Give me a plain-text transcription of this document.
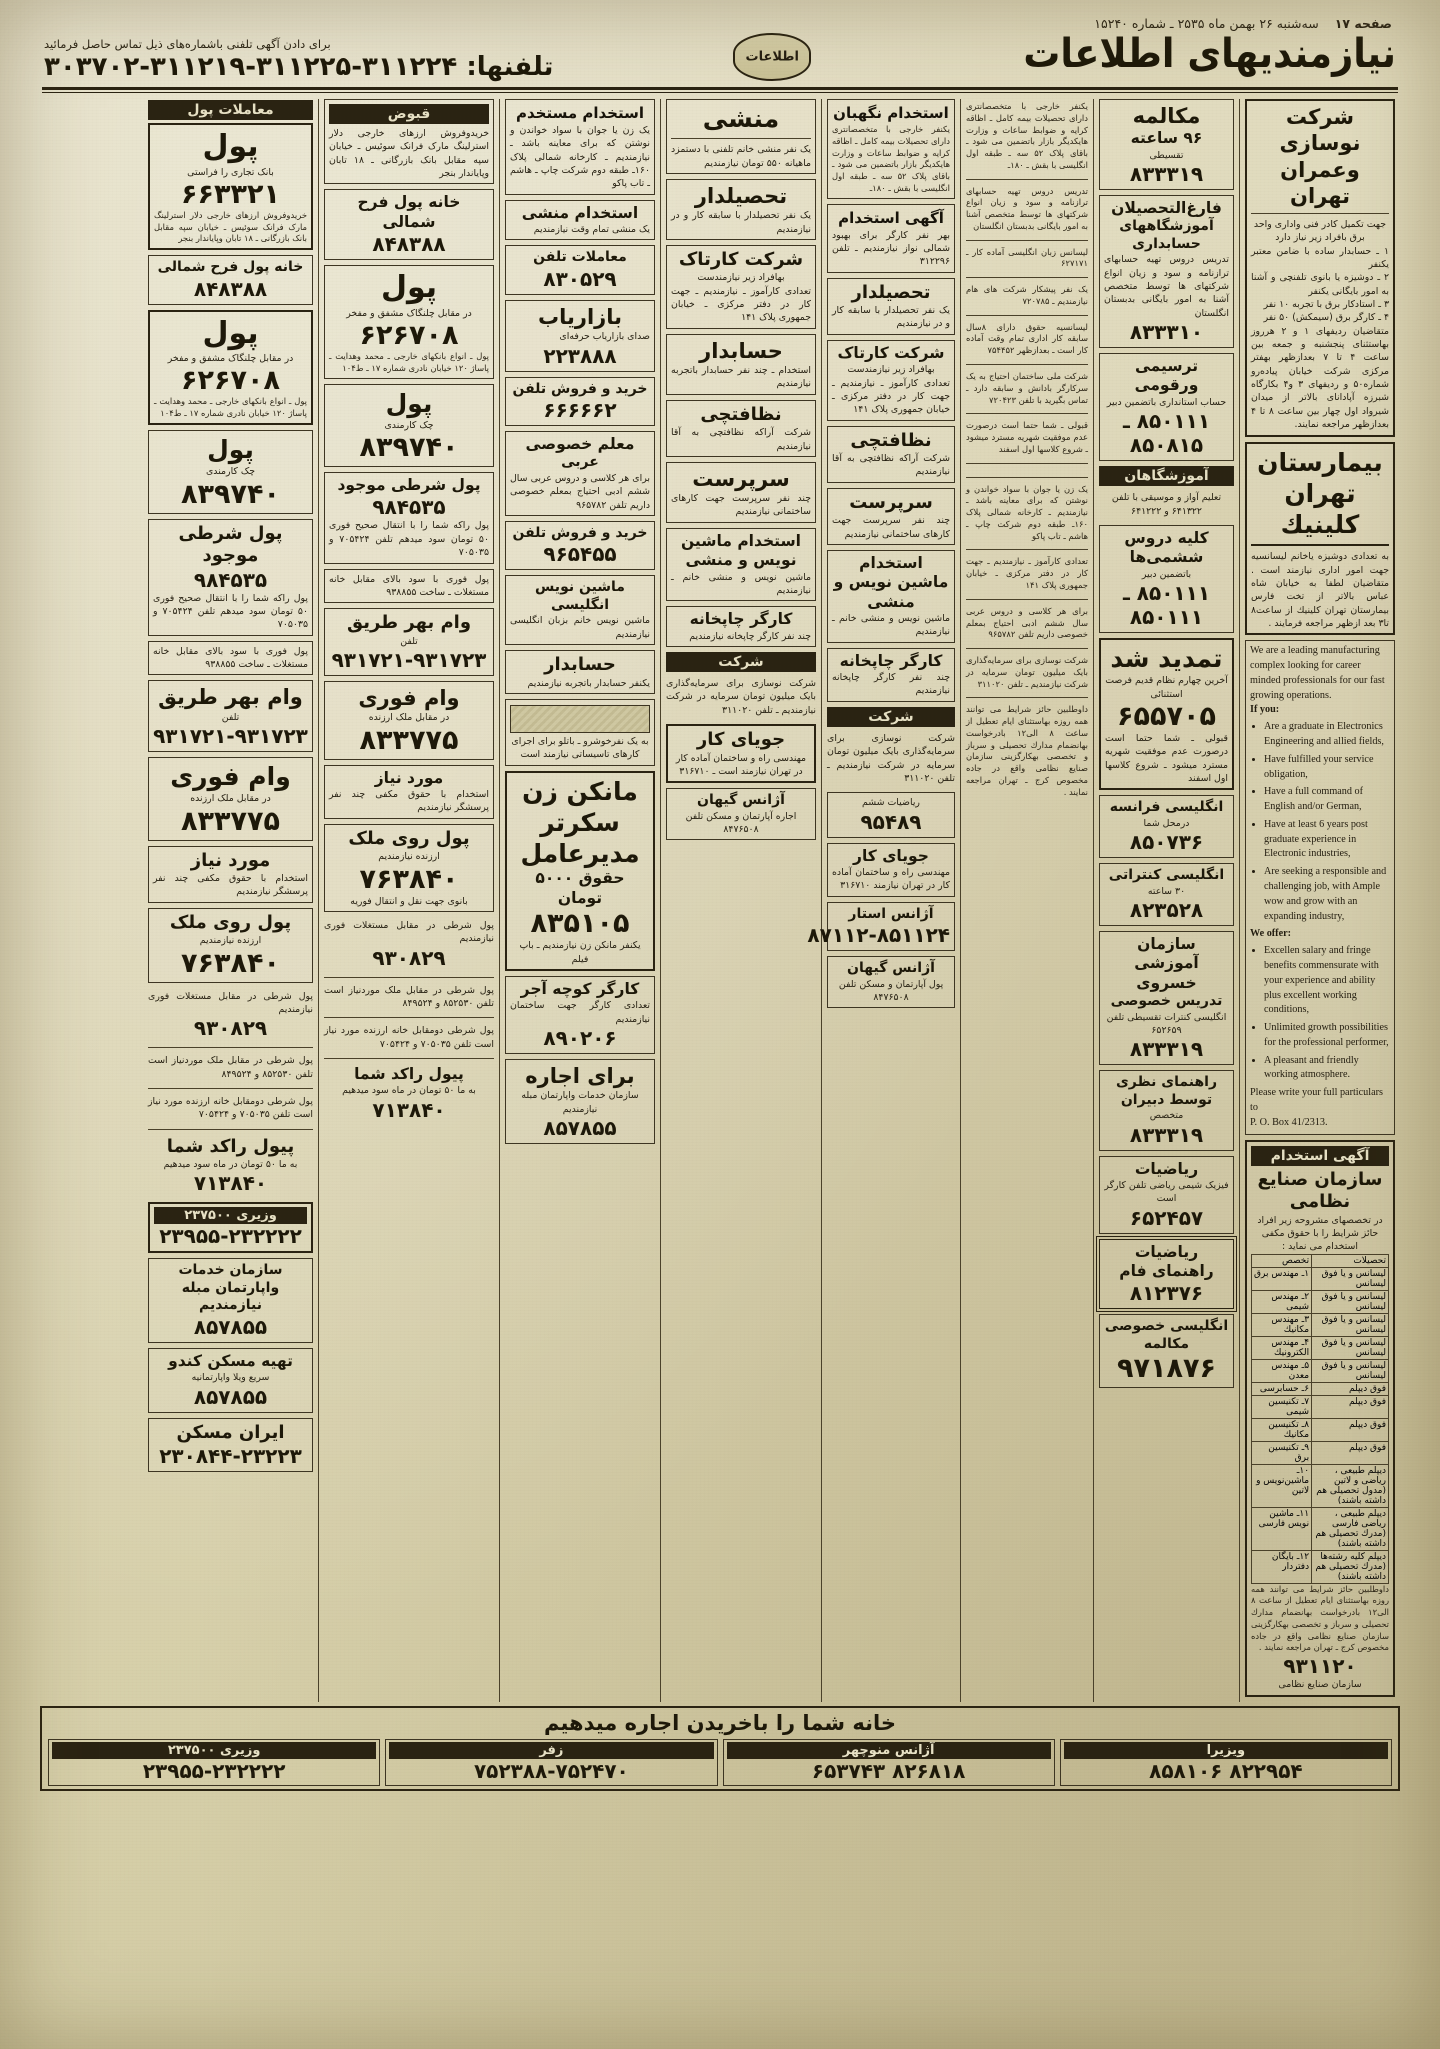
صفحه ۱۷
سه‌شنبه ۲۶ بهمن ماه ۲۵۳۵ ـ شماره ۱۵۲۴۰
نیازمندیهای اطلاعات
اطلاعات
برای دادن آگهی تلفنی باشماره‌های ذیل تماس حاصل فرمائید
تلفنها: ۳۱۱۲۲۴-۳۱۱۲۲۵-۳۱۱۲۱۹-۳۰۳۷۰۲
شرکت نوسازی وعمران تهران
جهت تکمیل کادر فنی واداری واحد برق بافراد زیر نیاز دارد
۱ ـ حسابدار ساده با ضامن معتبر یکنفر
۲ ـ دوشیزه یا بانوی تلفنچی و آشنا به امور بایگانی یکنفر
۳ ـ استادکار برق با تجربه ۱۰ نفر
۴ ـ کارگر برق (سیمکش) ۵۰ نفر
متقاضیان ردیفهای ۱ و ۲ هرروز بهاستثنای پنجشنبه و جمعه بین ساعت ۴ تا ۷ بعدازظهر بهفتر مرکزی شرکت خیابان پیاده‌رو شماره۵۰ و ردیفهای ۳ و۴ بکارگاه شبرزه آپادانای بالاتر از میدان شیرواد اول چهار بین ساعت ۸ تا ۴ بعدازظهر مراجعه نمایند.
بیمارستان تهران کلینیك
به تعدادی دوشیزه یاخانم لیسانسیه جهت امور اداری نیازمند است . متقاضیان لطفا به خیابان شاه عباس بالاتر از تخت فارس بیمارستان تهران کلینیك از ساعت۸ تا۳ بعد ازظهر مراجعه فرمایند .
We are a leading manufacturing complex looking for career minded professionals for our fast growing operations.
If you:
• Are a graduate in Electronics Engineering and allied fields,
• Have fulfilled your service obligation,
• Have a full command of English and/or German,
• Have at least 6 years post graduate experience in Electronic industries,
• Are seeking a responsible and challenging job, with Ample wow and grow with an expanding industry,
We offer:
• Excellen salary and fringe benefits commensurate with your experience and ability plus excellent working conditions,
• Unlimited growth possibilities for the professional performer,
• A pleasant and friendly working atmosphere.
Please write your full particulars to
P. O. Box 41/2313.
آگهی استخدام
سازمان صنایع نظامی
در تخصصهای مشروحه زیر افراد حائز شرایط را با حقوق مکفی استخدام می نماید :
تحصیلات	تخصص
لیسانس و یا فوق لیسانس	۱ـ مهندس برق
لیسانس و یا فوق لیسانس	۲ـ مهندس شیمی
لیسانس و یا فوق لیسانس	۳ـ مهندس مکانیك
لیسانس و یا فوق لیسانس	۴ـ مهندس الکترونیك
لیسانس و یا فوق لیسانس	۵ـ مهندس معدن
فوق دیپلم	۶ـ حسابرسی
فوق دیپلم	۷ـ تکنیسین شیمی
فوق دیپلم	۸ـ تکنیسین مکانیك
فوق دیپلم	۹ـ تکنیسین برق
دیپلم طبیعی ، ریاضی و لاتین (مدول تحصیلی هم داشته باشند)	۱۰ـ ماشین‌نویس و لاتین
دیپلم طبیعی ، ریاضی فارسی (مدرك تحصیلی هم داشته باشند)	۱۱ـ ماشین نویس فارسی
دیپلم کلیه رشته‌ها (مدرك تحصیلی هم داشته باشند)	۱۲ـ بایگان دفتردار
داوطلبین حائز شرایط می توانند همه روزه بهاستثنای ایام تعطیل از ساعت ۸ الی۱۲ بادرخواست بهانضمام مدارك تحصیلی و سرباز و تخصصی بهکارگزینی سازمان صنایع نظامی واقع در جاده مخصوص کرج ـ تهران مراجعه نمایند .
۹۳۱۱۲۰
سازمان صنایع نظامی
مکالمه
۹۶ ساعته
تقسیطی
۸۳۳۳۱۹
فارغ‌التحصیلان
آموزشگاههای حسابداری
تدریس دروس تهیه حسابهای ترازنامه و سود و زیان انواع شرکتهای ها توسط متخصص آشنا به امور بایگانی بدبستان انگلستان
۸۳۳۳۱۰
ترسیمی ورقومی
حساب استانداری باتضمین دبیر
۸۵۰۱۱۱ ـ ۸۵۰۸۱۵
آموزشگاهان
تعلیم آواز و موسیقی با تلفن ۶۴۱۳۲۲ و ۶۴۱۲۲۲
کلیه دروس ششمی‌ها
باتضمین دبیر
۸۵۰۱۱۱ ـ ۸۵۰۱۱۱
تمدید شد
آخرین چهارم نظام قدیم فرصت استثنائی
۶۵۵۷۰۵
قبولی ـ شما حتما است درصورت عدم موفقیت شهریه مسترد میشود ـ شروع کلاسها اول اسفند
انگلیسی فرانسه
درمحل شما
۸۵۰۷۳۶
انگلیسی کنتراتی
۳۰ ساعته
۸۲۳۵۲۸
سازمان آموزشی خسروی
تدریس خصوصی
انگلیسی کنترات تقسیطی تلفن ۶۵۲۶۵۹
۸۳۳۳۱۹
راهنمای نظری توسط دبیران
متخصص
۸۳۳۳۱۹
ریاضیات
فیزیک شیمی ریاضی تلفن کارگر است
۶۵۲۴۵۷
ریاضیات راهنمای فام
۸۱۲۳۷۶
انگلیسی خصوصی مکالمه
۹۷۱۸۷۶
یکنفر خارجی با متخصصانتری دارای تحصیلات بیمه کامل ـ اظاقه کرایه و ضوابط ساعات و وزارت هایکدیگر بازار باتضمین می شود ـ باقای پلاک ۵۲ سه ـ طبقه اول انگلیسی با بقش ـ ۱۸۰ـ
تدریس دروس تهیه حسابهای ترازنامه و سود و زیان انواع شرکتهای ها توسط متخصص آشنا به امور بایگانی بدبستان انگلستان
لیسانس زبان انگلیسی آماده کار ـ ۶۲۷۱۷۱
یک نفر پیشکار شرکت های هام نیازمندیم ـ ۷۲۰۷۸۵
لیسانسیه حقوق دارای ۸سال سابقه کار اداری تمام وقت آماده کار است ـ بعدازظهر ۷۵۴۴۵۲
شرکت ملی ساختمان احتیاج به یک سرکارگر بادانش و سابقه دارد ـ تماس بگیرید با تلفن ۷۲۰۴۲۳
قبولی ـ شما حتما است درصورت عدم موفقیت شهریه مسترد میشود ـ شروع کلاسها اول اسفند
یک زن یا جوان با سواد خواندن و نوشتن که برای معاینه باشد ـ نیازمندیم ـ کارخانه شمالی پلاک ۱۶۰ـ طبقه دوم شرکت چاپ ـ هاشم ـ تاب پاکو
تعدادی کارآموز ـ نیازمندیم ـ جهت کار در دفتر مرکزی ـ خیابان جمهوری پلاک ۱۴۱
برای هر کلاسی و دروس عربی سال ششم ادبی احتیاج بمعلم خصوصی داریم تلفن ۹۶۵۷۸۲
شرکت نوسازی برای سرمایه‌گذاری بایک میلیون تومان سرمایه در شرکت نیازمندیم ـ تلفن ۳۱۱۰۲۰
داوطلبین حائز شرایط می توانند همه روزه بهاستثنای ایام تعطیل از ساعت ۸ الی۱۲ بادرخواست بهانضمام مدارك تحصیلی و سرباز و تخصصی بهکارگزینی سازمان صنایع نظامی واقع در جاده مخصوص کرج ـ تهران مراجعه نمایند .
استخدام نگهبان
یکنفر خارجی با متخصصانتری دارای تحصیلات بیمه کامل ـ اظاقه کرایه و ضوابط ساعات و وزارت هایکدیگر بازار باتضمین می شود ـ باقای پلاک ۵۲ سه ـ طبقه اول انگلیسی با بقش ـ ۱۸۰ـ
آگهی استخدام
بهر نفر کارگر برای بهبود شمالی نواز نیازمندیم ـ تلفن ۳۱۲۲۹۶
تحصیلدار
یک نفر تحصیلدار با سابقه کار و در نیازمندیم
شرکت کارتاک
بهافراد زیر نیازمندست
تعدادی کارآموز ـ نیازمندیم ـ جهت کار در دفتر مرکزی ـ خیابان جمهوری پلاک ۱۴۱
نظافتچی
شرکت آراکه نظافتچی به آقا نیازمندیم
سرپرست
چند نفر سرپرست جهت کارهای ساختمانی نیازمندیم
استخدام ماشین نویس و منشی
ماشین نویس و منشی خانم ـ نیازمندیم
کارگر چاپخانه
چند نفر کارگر چاپخانه نیازمندیم
شرکت
شرکت نوسازی برای سرمایه‌گذاری بایک میلیون تومان سرمایه در شرکت نیازمندیم ـ تلفن ۳۱۱۰۲۰
ریاضیات ششم
۹۵۴۸۹
جویای کار
مهندسی راه و ساختمان آماده کار در تهران نیازمند ۳۱۶۷۱۰
آژانس استار
۸۷۱۱۲-۸۵۱۱۲۴
آژانس گیهان
پول آپارتمان و مسکن تلفن ۸۴۷۶۵۰۸
منشی
یک نفر منشی خانم تلفنی با دستمزد ماهیانه ۵۵۰ تومان نیازمندیم
تحصیلدار
یک نفر تحصیلدار با سابقه کار و در نیازمندیم
شرکت کارتاک
بهافراد زیر نیازمندست
تعدادی کارآموز ـ نیازمندیم ـ جهت کار در دفتر مرکزی ـ خیابان جمهوری پلاک ۱۴۱
حسابدار
استخدام ـ چند نفر حسابدار باتجربه نیازمندیم
نظافتچی
شرکت آراکه نظافتچی به آقا نیازمندیم
سرپرست
چند نفر سرپرست جهت کارهای ساختمانی نیازمندیم
استخدام ماشین نویس و منشی
ماشین نویس و منشی خانم ـ نیازمندیم
کارگر چاپخانه
چند نفر کارگر چاپخانه نیازمندیم
شرکت
شرکت نوسازی برای سرمایه‌گذاری بایک میلیون تومان سرمایه در شرکت نیازمندیم ـ تلفن ۳۱۱۰۲۰
جویای کار
مهندسی راه و ساختمان آماده کار در تهران نیازمند است ـ ۳۱۶۷۱۰
آژانس گیهان
اجاره آپارتمان و مسکن تلفن ۸۴۷۶۵۰۸
استخدام مستخدم
یک زن یا جوان با سواد خواندن و نوشتن که برای معاینه باشد ـ نیازمندیم ـ کارخانه شمالی پلاک ۱۶۰ـ طبقه دوم شرکت چاپ ـ هاشم ـ تاب پاکو
استخدام منشی
یک منشی تمام وقت نیازمندیم
معاملات تلفن
۸۳۰۵۲۹
بازاریاب
صدای بازاریاب حرفه‌ای
۲۲۳۸۸۸
خرید و فروش تلفن
۶۶۶۶۶۲
معلم خصوصی
عربی
برای هر کلاسی و دروس عربی سال ششم ادبی احتیاج بمعلم خصوصی داریم تلفن ۹۶۵۷۸۲
خرید و فروش تلفن
۹۶۵۴۵۵
ماشین نویس انگلیسی
ماشین نویس خانم بزبان انگلیسی نیازمندیم
حسابدار
یکنفر حسابدار باتجربه نیازمندیم
به یک نفرخوشرو ـ باتلو برای اجرای کارهای تاسیساتی نیازمند است
مانکن زن سکرتر مدیرعامل
حقوق ۵۰۰۰ تومان
۸۳۵۱۰۵
یکنفر مانکن زن نیازمندیم ـ باپ فیلم
کارگر کوچه آجر
تعدادی کارگر جهت ساختمان نیازمندیم
۸۹۰۲۰۶
برای اجاره
سازمان خدمات واپارتمان مبله نیازمندیم
۸۵۷۸۵۵
قبوض
خریدوفروش ارزهای خارجی دلار استرلینگ مارک فرانک سوئیس ـ خیابان سپه مقابل بانک بازرگانی ـ ۱۸ تابان وپایاندار بنجر
خانه پول فرح شمالی
۸۴۸۳۸۸
پول
در مقابل چلنگاک مشفق و مفخر
۶۲۶۷۰۸
پول ـ انواع بانکهای خارجی ـ محمد وهدایت ـ پاساژ ۱۲۰ خیابان نادری شماره ۱۷ ـ ط۱۰۴
پول
چک کارمندی
۸۳۹۷۴۰
پول شرطی موجود
۹۸۴۵۳۵
پول راکه شما را با انتقال صحیح فوری ۵۰ تومان سود میدهم تلفن ۷۰۵۴۲۴ و ۷۰۵۰۳۵
پول فوری با سود بالای مقابل خانه مستغلات ـ ساخت ۹۳۸۸۵۵
وام بهر طریق
تلفن
۹۳۱۷۲۱-۹۳۱۷۲۳
وام فوری
در مقابل ملک ارزنده
۸۳۳۷۷۵
مورد نیاز
استخدام با حقوق مکفی چند نفر پرسشگر نیازمندیم
پول روی ملک
ارزنده نیازمندیم
۷۶۳۸۴۰
بانوی جهت نقل و انتقال فوریه
پول شرطی در مقابل مستغلات فوری نیازمندیم
۹۳۰۸۲۹
پول شرطی در مقابل ملک موردنیاز است تلفن ۸۵۲۵۳۰ و ۸۴۹۵۲۴
پول شرطی دومقابل خانه ارزنده مورد نیاز است تلفن ۷۰۵۰۳۵ و ۷۰۵۴۲۴
پیول راکد شما
به ما ۵۰ تومان در ماه سود میدهیم
۷۱۳۸۴۰
معاملات پول
پول
بانک تجاری را فراستی
۶۶۳۳۲۱
خریدوفروش ارزهای خارجی دلار استرلینگ مارک فرانک سوئیس ـ خیابان سپه مقابل بانک بازرگانی ـ ۱۸ تابان وپایاندار بنجر
خانه پول فرح شمالی
۸۴۸۳۸۸
پول
در مقابل چلنگاک مشفق و مفخر
۶۲۶۷۰۸
پول ـ انواع بانکهای خارجی ـ محمد وهدایت ـ پاساژ ۱۲۰ خیابان نادری شماره ۱۷ ـ ط۱۰۴
پول
چک کارمندی
۸۳۹۷۴۰
پول شرطی موجود
۹۸۴۵۳۵
پول راکه شما را با انتقال صحیح فوری ۵۰ تومان سود میدهم تلفن ۷۰۵۴۲۴ و ۷۰۵۰۳۵
پول فوری با سود بالای مقابل خانه مستغلات ـ ساخت ۹۳۸۸۵۵
وام بهر طریق
تلفن
۹۳۱۷۲۱-۹۳۱۷۲۳
وام فوری
در مقابل ملک ارزنده
۸۳۳۷۷۵
مورد نیاز
استخدام با حقوق مکفی چند نفر پرسشگر نیازمندیم
پول روی ملک
ارزنده نیازمندیم
۷۶۳۸۴۰
پول شرطی در مقابل مستغلات فوری نیازمندیم
۹۳۰۸۲۹
پول شرطی در مقابل ملک موردنیاز است تلفن ۸۵۲۵۳۰ و ۸۴۹۵۲۴
پول شرطی دومقابل خانه ارزنده مورد نیاز است تلفن ۷۰۵۰۳۵ و ۷۰۵۴۲۴
پیول راکد شما
به ما ۵۰ تومان در ماه سود میدهیم
۷۱۳۸۴۰
وزیری ۲۳۷۵۰۰
۲۳۹۵۵-۲۳۲۲۲۲
سازمان خدمات واپارتمان مبله نیازمندیم
۸۵۷۸۵۵
تهیه مسکن کندو
سریع ویلا واپارتمانیه
۸۵۷۸۵۵
ایران مسکن
۲۳۰۸۴۴-۲۳۲۲۳
خانه شما را باخریدن اجاره میدهیم
ویزیرا
۸۲۲۹۵۴ ۸۵۸۱۰۶
آژانس منوچهر
۸۲۶۸۱۸ ۶۵۳۷۴۳
زفر
۷۵۲۳۸۸-۷۵۲۴۷۰
وزیری ۲۳۷۵۰۰
۲۳۹۵۵-۲۳۲۲۲۲
